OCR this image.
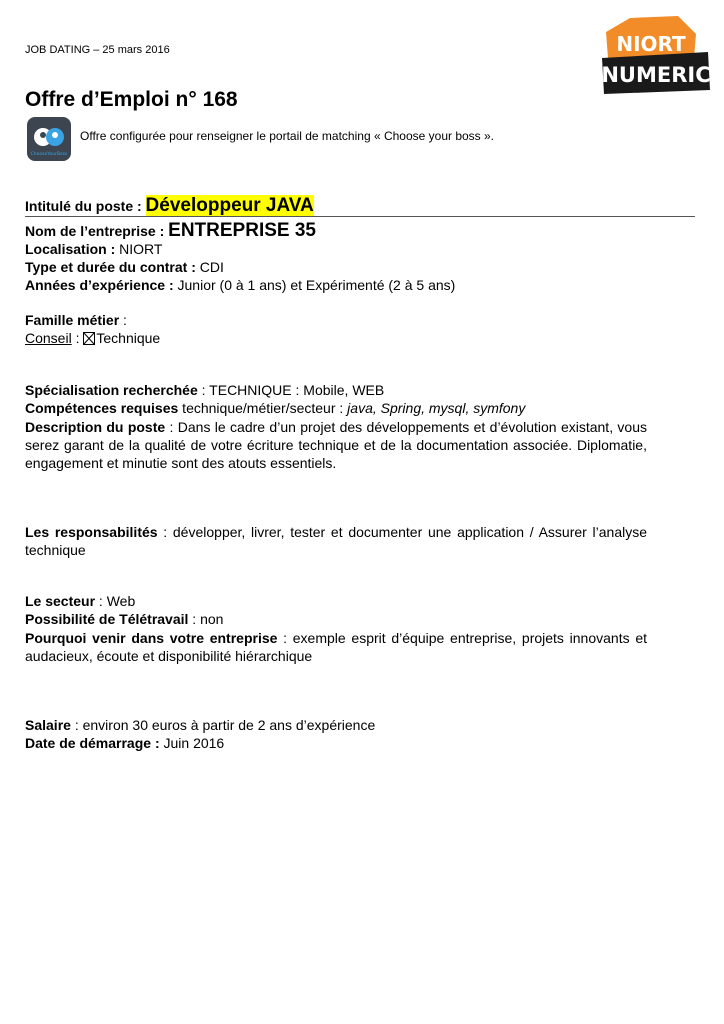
JOB DATING – 25 mars 2016	NIORT
NUMERIC
Offre d’Emploi n° 168
ChooseYourBoss
Offre configurée pour renseigner le portail de matching « Choose your boss ».
Intitulé du poste : Développeur JAVA
Nom de l’entreprise : ENTREPRISE 35
Localisation : NIORT
Type et durée du contrat : CDI
Années d’expérience : Junior (0 à 1 ans) et Expérimenté (2 à 5 ans)
Famille métier :
Conseil : Technique
Spécialisation recherchée : TECHNIQUE : Mobile, WEB
Compétences requises technique/métier/secteur : java, Spring, mysql, symfony
Description du poste : Dans le cadre d’un projet des développements et d’évolution existant, vous serez garant de la qualité de votre écriture technique et de la documentation associée. Diplomatie, engagement et minutie sont des atouts essentiels.
Les responsabilités : développer, livrer, tester et documenter une application / Assurer l’analyse technique
Le secteur : Web
Possibilité de Télétravail : non
Pourquoi venir dans votre entreprise : exemple esprit d’équipe entreprise, projets innovants et audacieux, écoute et disponibilité hiérarchique
Salaire : environ 30 euros à partir de 2 ans d’expérience
Date de démarrage : Juin 2016
